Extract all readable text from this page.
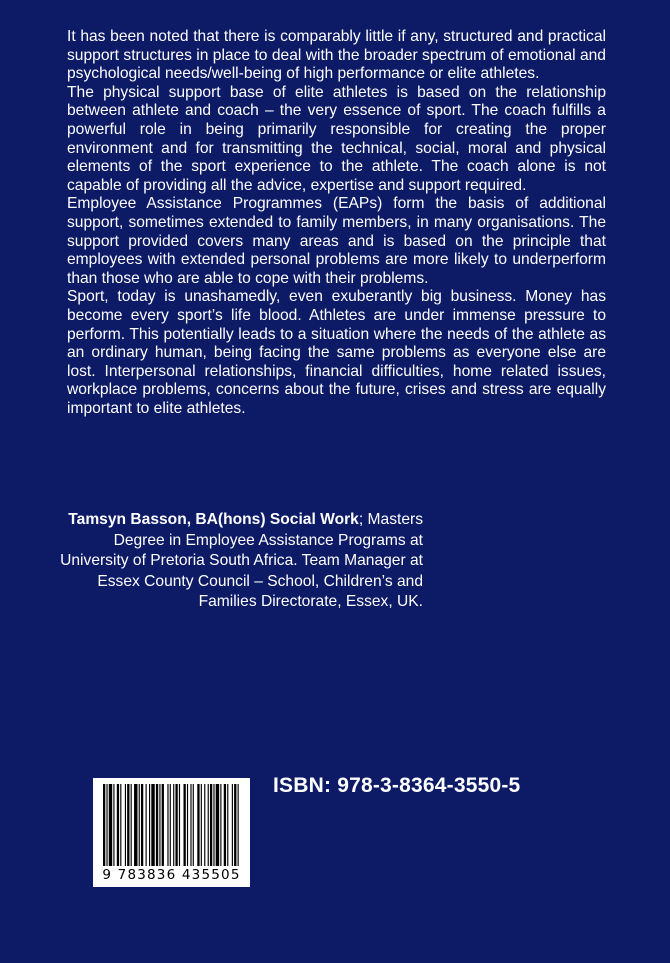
It has been noted that there is comparably little if any, structured and practical support structures in place to deal with the broader spectrum of emotional and psychological needs/well-being of high performance or elite athletes.

The physical support base of elite athletes is based on the relationship between athlete and coach – the very essence of sport. The coach fulfills a powerful role in being primarily responsible for creating the proper environment and for transmitting the technical, social, moral and physical elements of the sport experience to the athlete. The coach alone is not capable of providing all the advice, expertise and support required.

Employee Assistance Programmes (EAPs) form the basis of additional support, sometimes extended to family members, in many organisations. The support provided covers many areas and is based on the principle that employees with extended personal problems are more likely to underperform than those who are able to cope with their problems.

Sport, today is unashamedly, even exuberantly big business. Money has become every sport’s life blood. Athletes are under immense pressure to perform. This potentially leads to a situation where the needs of the athlete as an ordinary human, being facing the same problems as everyone else are lost. Interpersonal relationships, financial difficulties, home related issues, workplace problems, concerns about the future, crises and stress are equally important to elite athletes.

Tamsyn Basson, BA(hons) Social Work; Masters Degree in Employee Assistance Programs at University of Pretoria South Africa. Team Manager at Essex County Council – School, Children’s and Families Directorate, Essex, UK.
9 783836 435505
ISBN: 978-3-8364-3550-5
